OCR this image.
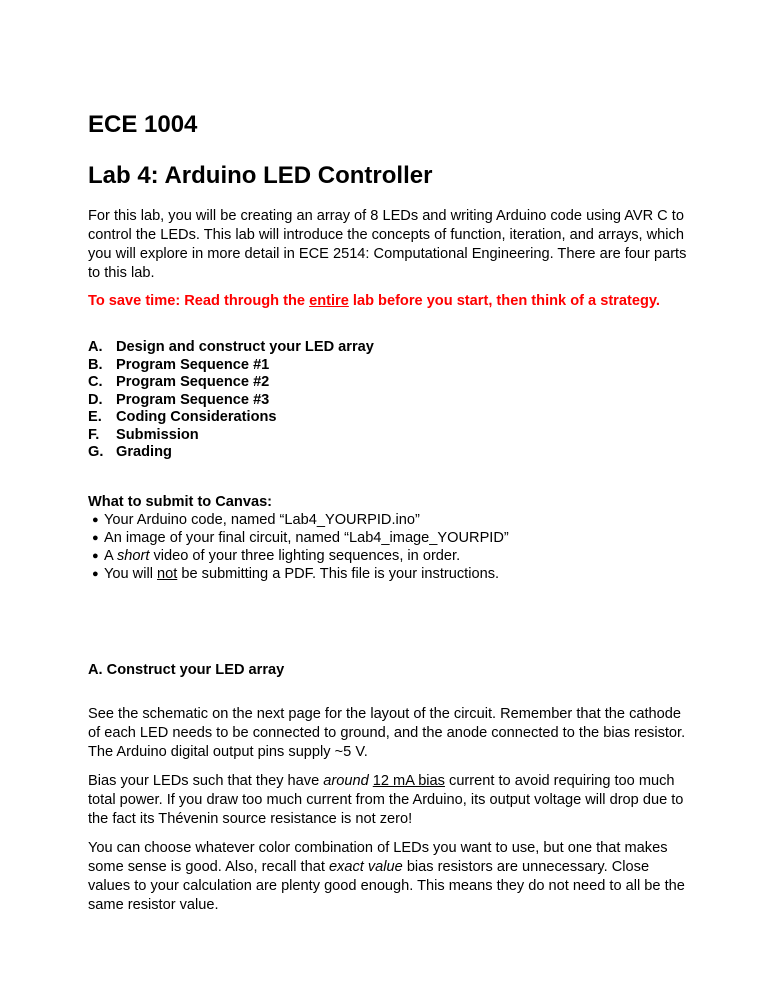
ECE 1004
Lab 4: Arduino LED Controller

For this lab, you will be creating an array of 8 LEDs and writing Arduino code using AVR C to control the LEDs. This lab will introduce the concepts of function, iteration, and arrays, which you will explore in more detail in ECE 2514: Computational Engineering. There are four parts to this lab.

To save time: Read through the entire lab before you start, then think of a strategy.

A. Design and construct your LED array
B. Program Sequence #1
C. Program Sequence #2
D. Program Sequence #3
E. Coding Considerations
F.	Submission
G. Grading

What to submit to Canvas:

● Your Arduino code, named “Lab4_YOURPID.ino”
● An image of your final circuit, named “Lab4_image_YOURPID”
● A short video of your three lighting sequences, in order.
● You will not be submitting a PDF. This file is your instructions.

A. Construct your LED array

See the schematic on the next page for the layout of the circuit. Remember that the cathode of each LED needs to be connected to ground, and the anode connected to the bias resistor. The Arduino digital output pins supply ~5 V.

Bias your LEDs such that they have around 12 mA bias current to avoid requiring too much total power. If you draw too much current from the Arduino, its output voltage will drop due to the fact its Thévenin source resistance is not zero!

You can choose whatever color combination of LEDs you want to use, but one that makes some sense is good. Also, recall that exact value bias resistors are unnecessary. Close values to your calculation are plenty good enough. This means they do not need to all be the same resistor value.
